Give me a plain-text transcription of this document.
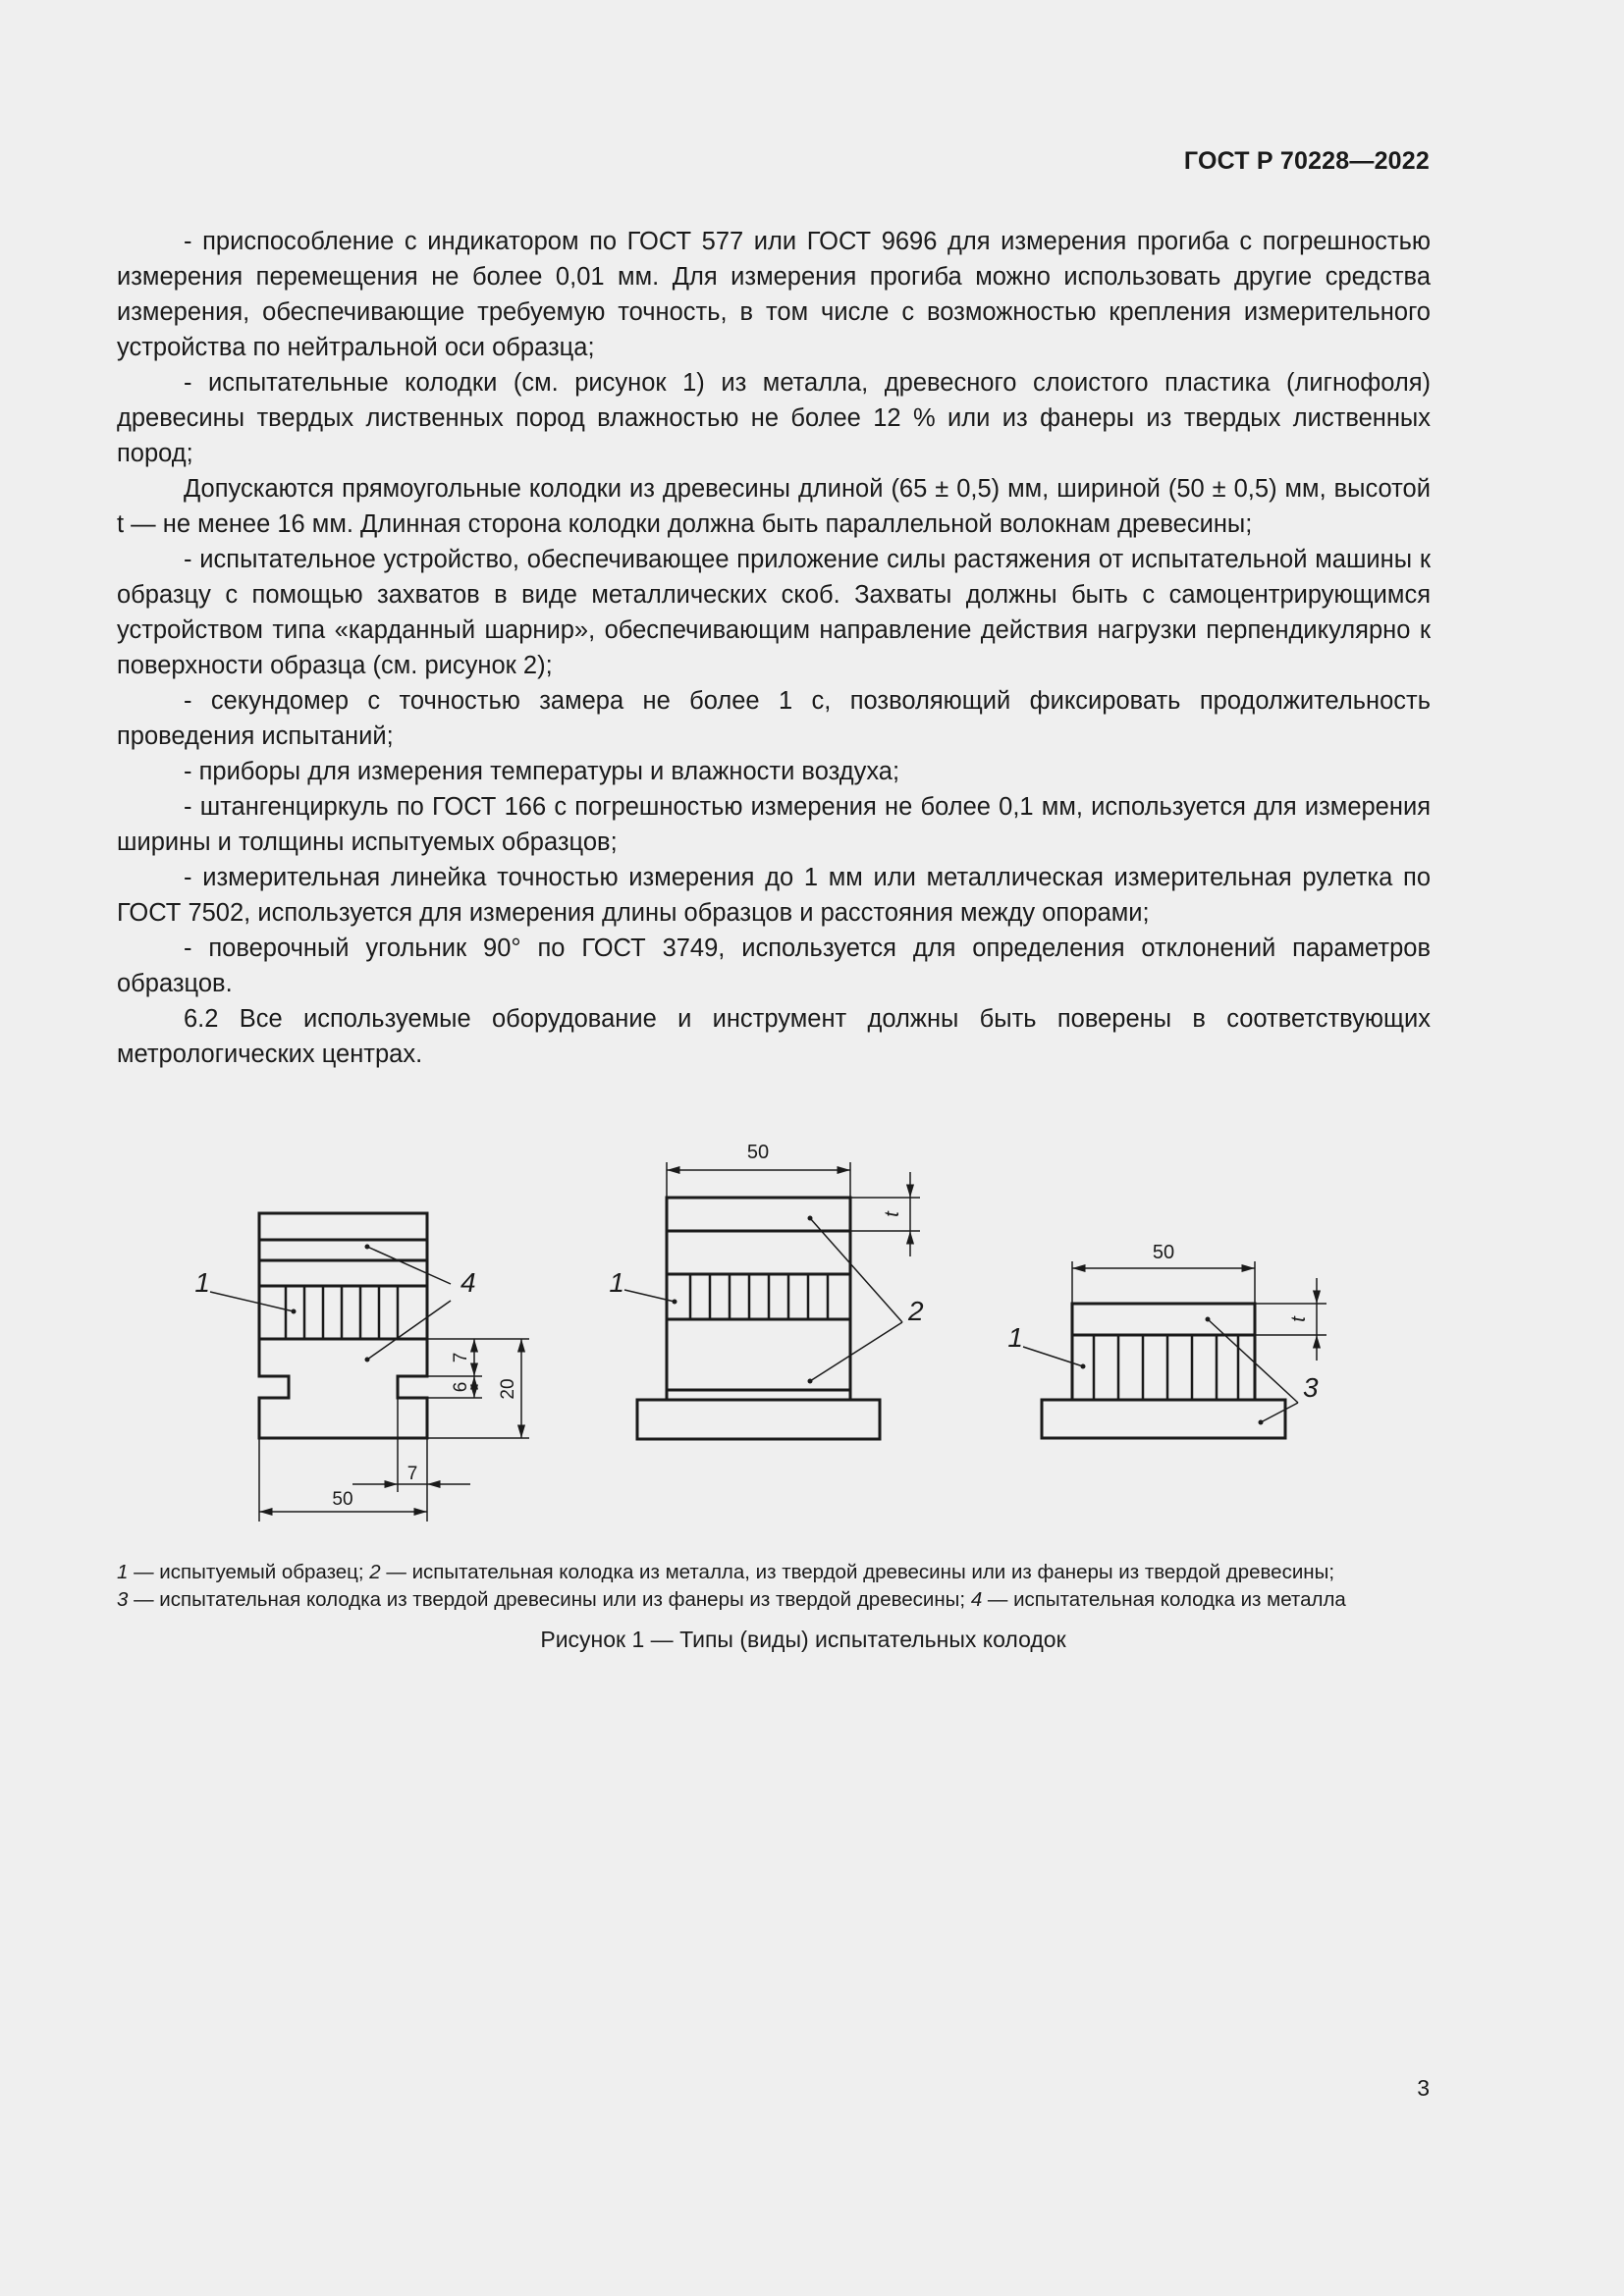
ГОСТ Р 70228—2022

- приспособление с индикатором по ГОСТ 577 или ГОСТ 9696 для измерения прогиба с погрешностью измерения перемещения не более 0,01 мм. Для измерения прогиба можно использовать другие средства измерения, обеспечивающие требуемую точность, в том числе с возможностью крепления измерительного устройства по нейтральной оси образца;

- испытательные колодки (см. рисунок 1) из металла, древесного слоистого пластика (лигнофоля) древесины твердых лиственных пород влажностью не более 12 % или из фанеры из твердых лиственных пород;

Допускаются прямоугольные колодки из древесины длиной (65 ± 0,5) мм, шириной (50 ± 0,5) мм, высотой t — не менее 16 мм. Длинная сторона колодки должна быть параллельной волокнам древесины;

- испытательное устройство, обеспечивающее приложение силы растяжения от испытательной машины к образцу с помощью захватов в виде металлических скоб. Захваты должны быть с самоцентрирующимся устройством типа «карданный шарнир», обеспечивающим направление действия нагрузки перпендикулярно к поверхности образца (см. рисунок 2);

- секундомер с точностью замера не более 1 с, позволяющий фиксировать продолжительность проведения испытаний;

- приборы для измерения температуры и влажности воздуха;

- штангенциркуль по ГОСТ 166 с погрешностью измерения не более 0,1 мм, используется для измерения ширины и толщины испытуемых образцов;

- измерительная линейка точностью измерения до 1 мм или металлическая измерительная рулетка по ГОСТ 7502, используется для измерения длины образцов и расстояния между опорами;

- поверочный угольник 90° по ГОСТ 3749, используется для определения отклонений параметров образцов.

6.2 Все используемые оборудование и инструмент должны быть поверены в соответствующих метрологических центрах.

1	4
7
6 20
7
50
50
t
1
2
50
t
1
3
1 — испытуемый образец; 2 — испытательная колодка из металла, из твердой древесины или из фанеры из твердой древесины;
3 — испытательная колодка из твердой древесины или из фанеры из твердой древесины; 4 — испытательная колодка из металла
Рисунок 1 — Типы (виды) испытательных колодок
3
